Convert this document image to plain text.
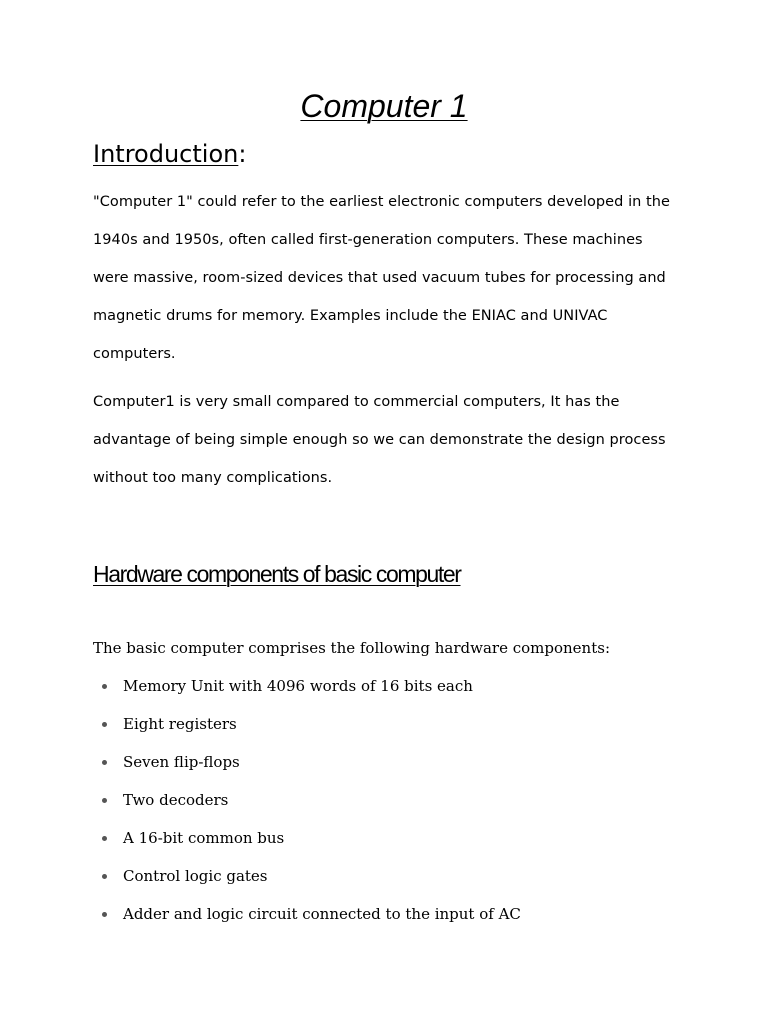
Computer 1
Introduction:

"Computer 1" could refer to the earliest electronic computers developed in the
1940s and 1950s, often called first-generation computers. These machines
were massive, room-sized devices that used vacuum tubes for processing and
magnetic drums for memory. Examples include the ENIAC and UNIVAC
computers.

Computer1 is very small compared to commercial computers, It has the
advantage of being simple enough so we can demonstrate the design process
without too many complications.

Hardware components of basic computer

The basic computer comprises the following hardware components:

Memory Unit with 4096 words of 16 bits each
Eight registers
Seven flip-flops
Two decoders
A 16-bit common bus
Control logic gates
Adder and logic circuit connected to the input of AC
